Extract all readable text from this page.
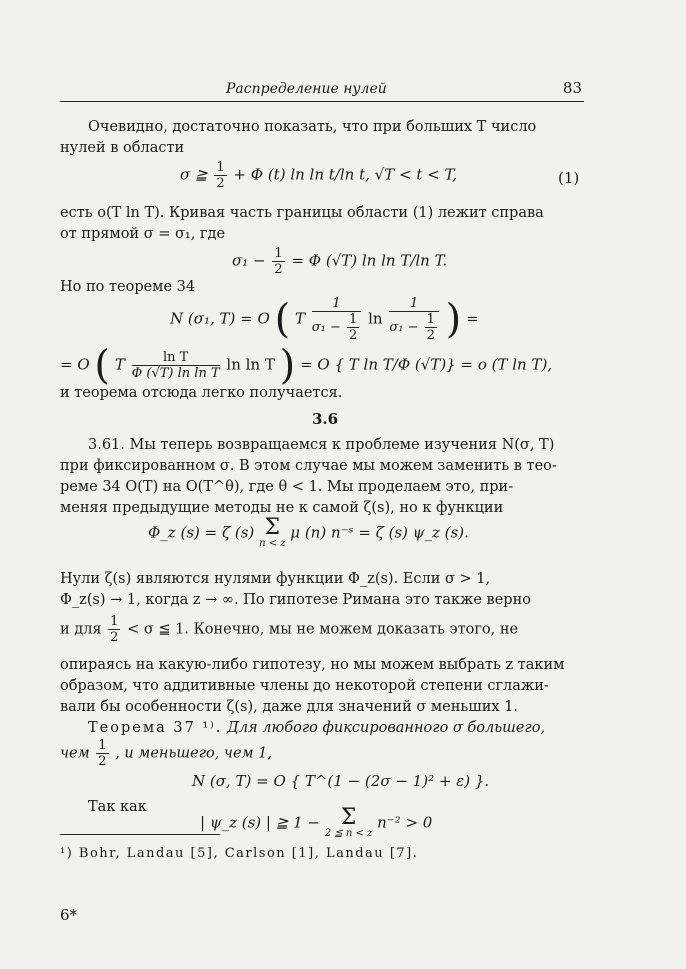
Распределение нулей	83
Очевидно, достаточно показать, что при больших T число
нулей в области
σ ≧ $\frac{1}{2} + \Phi$ (t) ln ln t/ln t, √T < t < T,	(1)
есть o(T ln T). Кривая часть границы области (1) лежит справа
от прямой σ = σ₁, где
$\sigma_1 - \frac{1}{2} = \Phi$ (√T) ln ln T/ln T.
Но по теореме 34
N (σ₁, T) = O ( T $\frac{1}{\sigma_1 - \frac{1}{2}}$ $\ln \frac{1}{\sigma_1 - \frac{1}{2}}$ ) =
= O ( T $\frac{\text{ln T}}{\text{Φ (√T) ln ln T}}$ ln ln T ) = O { T ln T/Φ (√T)} = o (T ln T),
и теорема отсюда легко получается.
3.6
3.61. Мы теперь возвращаемся к проблеме изучения N(σ, T)
при фиксированном σ. В этом случае мы можем заменить в тео-
реме 34 O(T) на O(T^θ), где θ < 1. Мы проделаем это, при-
меняя предыдущие методы не к самой ζ(s), но к функции
Φ_z (s) = ζ (s) Σ
n < z
μ (n) n⁻ˢ = ζ (s) ψ_z (s).
Нули ζ(s) являются нулями функции Φ_z(s). Если σ > 1,
Φ_z(s) → 1, когда z → ∞. По гипотезе Римана это также верно
и для $\frac{1}{2} < \sigma$ ≦ 1. Конечно, мы не можем доказать этого, не
опираясь на какую-либо гипотезу, но мы можем выбрать z таким
образом, что аддитивные члены до некоторой степени сглажи-
вали бы особенности ζ(s), даже для значений σ меньших 1.
Теорема 37 ¹⁾. Для любого фиксированного σ большего,
чем $\frac{1}{2}$ , и меньшего, чем 1,
N (σ, T) = O { T^(1 − (2σ − 1)² + ε) }.
Так как
| ψ_z (s) | ≧ 1 − Σ
2 ≦ n < z
n⁻² > 0
¹) Bohr, Landau [5], Carlson [1], Landau [7].
6*
